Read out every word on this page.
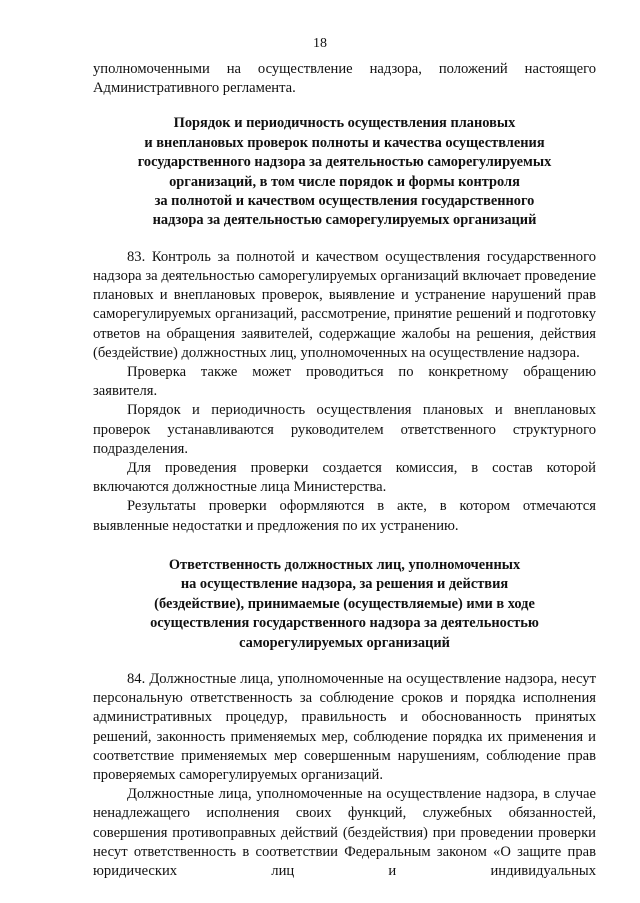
18

уполномоченными на осуществление надзора, положений настоящего Административного регламента.

Порядок и периодичность осуществления плановых
и внеплановых проверок полноты и качества осуществления
государственного надзора за деятельностью саморегулируемых
организаций, в том числе порядок и формы контроля
за полнотой и качеством осуществления государственного
надзора за деятельностью саморегулируемых организаций

83. Контроль за полнотой и качеством осуществления государственного надзора за деятельностью саморегулируемых организаций включает проведение плановых и внеплановых проверок, выявление и устранение нарушений прав саморегулируемых организаций, рассмотрение, принятие решений и подготовку ответов на обращения заявителей, содержащие жалобы на решения, действия (бездействие) должностных лиц, уполномоченных на осуществление надзора.

Проверка также может проводиться по конкретному обращению заявителя.

Порядок и периодичность осуществления плановых и внеплановых проверок устанавливаются руководителем ответственного структурного подразделения.

Для проведения проверки создается комиссия, в состав которой включаются должностные лица Министерства.

Результаты проверки оформляются в акте, в котором отмечаются выявленные недостатки и предложения по их устранению.

Ответственность должностных лиц, уполномоченных
на осуществление надзора, за решения и действия
(бездействие), принимаемые (осуществляемые) ими в ходе
осуществления государственного надзора за деятельностью
саморегулируемых организаций

84. Должностные лица, уполномоченные на осуществление надзора, несут персональную ответственность за соблюдение сроков и порядка исполнения административных процедур, правильность и обоснованность принятых решений, законность применяемых мер, соблюдение порядка их применения и соответствие применяемых мер совершенным нарушениям, соблюдение прав проверяемых саморегулируемых организаций.

Должностные лица, уполномоченные на осуществление надзора, в случае ненадлежащего исполнения своих функций, служебных обязанностей, совершения противоправных действий (бездействия) при проведении проверки несут ответственность в соответствии Федеральным законом «О защите прав юридических лиц и индивидуальных
